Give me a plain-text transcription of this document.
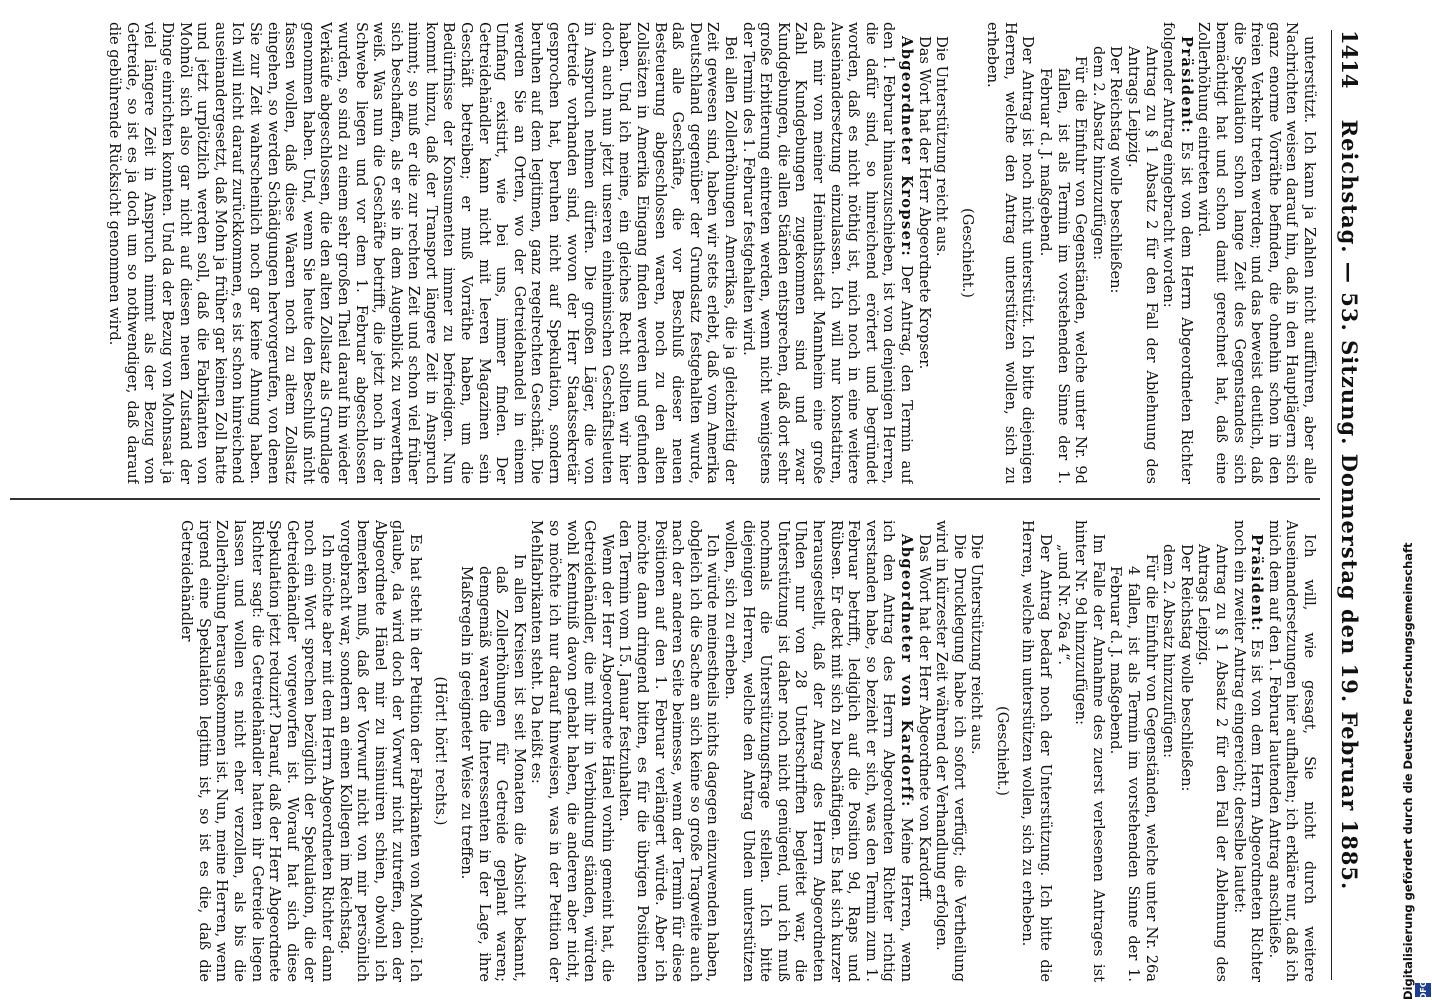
1414
Reichstag. — 53. Sitzung. Donnerstag den 19. Februar 1885.

unterstützt. Ich kann ja Zahlen nicht aufführen, aber alle Nachrichten weisen darauf hin, daß in den Hauptlägern sich ganz enorme Vorräthe befinden, die ohnehin schon in den freien Verkehr treten werden; und das beweist deutlich, daß die Spekulation schon lange Zeit des Gegenstandes sich bemächtigt hat und schon damit gerechnet hat, daß eine Zollerhöhung eintreten wird.

Präsident: Es ist von dem Herrn Abgeordneten Richter folgender Antrag eingebracht worden:

Antrag zu § 1 Absatz 2 für den Fall der Ablehnung des Antrags Leipzig.

Der Reichstag wolle beschließen:

dem 2. Absatz hinzuzufügen:

Für die Einfuhr von Gegenständen, welche unter Nr. 9d fallen, ist als Termin im vorstehenden Sinne der 1. Februar d. J. maßgebend.

Der Antrag ist noch nicht unterstützt. Ich bitte diejenigen Herren, welche den Antrag unterstützen wollen, sich zu erheben.

(Geschieht.)

Die Unterstützung reicht aus.

Das Wort hat der Herr Abgeordnete Kropser.

Abgeordneter Kropser: Der Antrag, den Termin auf den 1. Februar hinauszuschieben, ist von denjenigen Herren, die dafür sind, so hinreichend erörtert und begründet worden, daß es nicht nöthig ist, mich noch in eine weitere Auseinandersetzung einzulassen. Ich will nur konstatiren, daß mir von meiner Heimathsstadt Mannheim eine große Zahl Kundgebungen zugekommen sind und zwar Kundgebungen, die allen Ständen entsprechen, daß dort sehr große Erbitterung eintreten werden, wenn nicht wenigstens der Termin des 1. Februar festgehalten wird.

Bei allen Zollerhöhungen Amerikas, die ja gleichzeitig der Zeit gewesen sind, haben wir stets erlebt, daß vom Amerika Deutschland gegenüber der Grundsatz festgehalten wurde, daß alle Geschäfte, die vor Beschluß dieser neuen Besteuerung abgeschlossen waren, noch zu den alten Zollsätzen in Amerika Eingang finden werden und gefunden haben. Und ich meine, ein gleiches Recht sollten wir hier doch auch nun jetzt unseren einheimischen Geschäftsleuten in Anspruch nehmen dürfen. Die großen Läger, die von Getreide vorhanden sind, wovon der Herr Staatssekretär gesprochen hat, beruhen nicht auf Spekulation, sondern beruhen auf dem legitimen, ganz regelrechten Geschäft. Die werden Sie an Orten, wo der Getreidehandel in einem Umfang existirt, wie bei uns, immer finden. Der Getreidehändler kann nicht mit leeren Magazinen sein Geschäft betreiben; er muß Vorräthe haben, um die Bedürfnisse der Konsumenten immer zu befriedigen. Nun kommt hinzu, daß der Transport längere Zeit in Anspruch nimmt; so muß er die zur rechten Zeit und schon viel früher sich beschaffen, als er sie in dem Augenblick zu verwerthen weiß. Was nun die Geschäfte betrifft, die jetzt noch in der Schwebe liegen und vor dem 1. Februar abgeschlossen wurden, so sind zu einem sehr großen Theil darauf hin wieder Verkäufe abgeschlossen, die den alten Zollsatz als Grundlage genommen haben. Und, wenn Sie heute den Beschluß nicht fassen wollen, daß diese Waaren noch zu altem Zollsatz eingehen, so werden Schädigungen hervorgerufen, von denen Sie zur Zeit wahrscheinlich noch gar keine Ahnung haben. Ich will nicht darauf zurückkommen, es ist schon hinreichend auseinandergesetzt, daß Mohn ja früher gar keinen Zoll hatte und jetzt urplötzlich werden soll, daß die Fabrikanten von Mohnöl sich also gar nicht auf diesen neuen Zustand der Dinge einrichten konnten. Und da der Bezug von Mohnsaat ja viel längere Zeit in Anspruch nimmt als der Bezug von Getreide, so ist es ja doch um so nothwendiger, daß darauf die gebührende Rücksicht genommen wird.

Ich will, wie gesagt, Sie nicht durch weitere Auseinandersetzungen hier aufhalten; ich erkläre nur, daß ich mich dem auf den 1. Februar lautenden Antrag anschließe.

Präsident: Es ist von dem Herrn Abgeordneten Richter noch ein zweiter Antrag eingereicht; derselbe lautet:

Antrag zu § 1 Absatz 2 für den Fall der Ablehnung des Antrags Leipzig.

Der Reichstag wolle beschließen:

dem 2. Absatz hinzuzufügen:

Für die Einfuhr von Gegenständen, welche unter Nr. 26a 4 fallen, ist als Termin im vorstehenden Sinne der 1. Februar d. J. maßgebend.

Im Falle der Annahme des zuerst verlesenen Antrages ist hinter Nr. 9d hinzuzufügen:

„und Nr. 26a 4“.

Der Antrag bedarf noch der Unterstützung. Ich bitte die Herren, welche ihn unterstützen wollen, sich zu erheben.

(Geschieht.)

Die Unterstützung reicht aus.

Die Drucklegung habe ich sofort verfügt; die Vertheilung wird in kürzester Zeit während der Verhandlung erfolgen.

Das Wort hat der Herr Abgeordnete von Kardorff.

Abgeordneter von Kardorff: Meine Herren, wenn ich den Antrag des Herrn Abgeordneten Richter richtig verstanden habe, so bezieht er sich, was den Termin zum 1. Februar betrifft, lediglich auf die Position 9d, Raps und Rübsen. Er deckt mit sich zu beschäftigen. Es hat sich kurzer herausgestellt, daß der Antrag des Herrn Abgeordneten Uhden nur von 28 Unterschriften begleitet war, die Unterstützung ist daher noch nicht genügend, und ich muß nochmals die Unterstützungsfrage stellen. Ich bitte diejenigen Herren, welche den Antrag Uhden unterstützen wollen, sich zu erheben.

Ich würde meinestheils nichts dagegen einzuwenden haben, obgleich ich die Sache an sich keine so große Tragweite auch nach der anderen Seite beimesse, wenn der Termin für diese Positionen auf den 1. Februar verlängert würde. Aber ich möchte dann dringend bitten, es für die übrigen Positionen den Termin vom 15. Januar festzuhalten.

Wenn der Herr Abgeordnete Hänel vorhin gemeint hat, die Getreidehändler, die mit ihr in Verbindung ständen, würden wohl Kenntniß davon gehabt haben, die anderen aber nicht, so möchte ich nur darauf hinweisen, was in der Petition der Mehlfabrikanten steht. Da heißt es:

In allen Kreisen ist seit Monaten die Absicht bekannt, daß Zollerhöhungen für Getreide geplant waren; demgemäß waren die Interessenten in der Lage, ihre Maßregeln in geeigneter Weise zu treffen.

(Hört! hört! rechts.)

Es hat steht in der Petition der Fabrikanten von Mohnöl. Ich glaube, da wird doch der Vorwurf nicht zutreffen, den der Abgeordnete Hänel mir zu insinuiren schien, obwohl ich bemerken muß, daß der Vorwurf nicht von mir persönlich vorgebracht war, sondern an einen Kollegen im Reichstag.

Ich möchte aber mit dem Herrn Abgeordneten Richter dann noch ein Wort sprechen bezüglich der Spekulation, die der Getreidehändler vorgeworfen ist. Worauf hat sich diese Spekulation jetzt reduzirt? Darauf, daß der Herr Abgeordnete Richter sagt: die Getreidehändler hatten ihr Getreide liegen lassen und wollen es nicht eher verzollen, als bis die Zollerhöhung herausgekommen ist. Nun, meine Herren, wenn irgend eine Spekulation legitim ist, so ist es die, daß die Getreidehändler	Digitalisierung gefördert durch die Deutsche Forschungsgemeinschaft DFG
